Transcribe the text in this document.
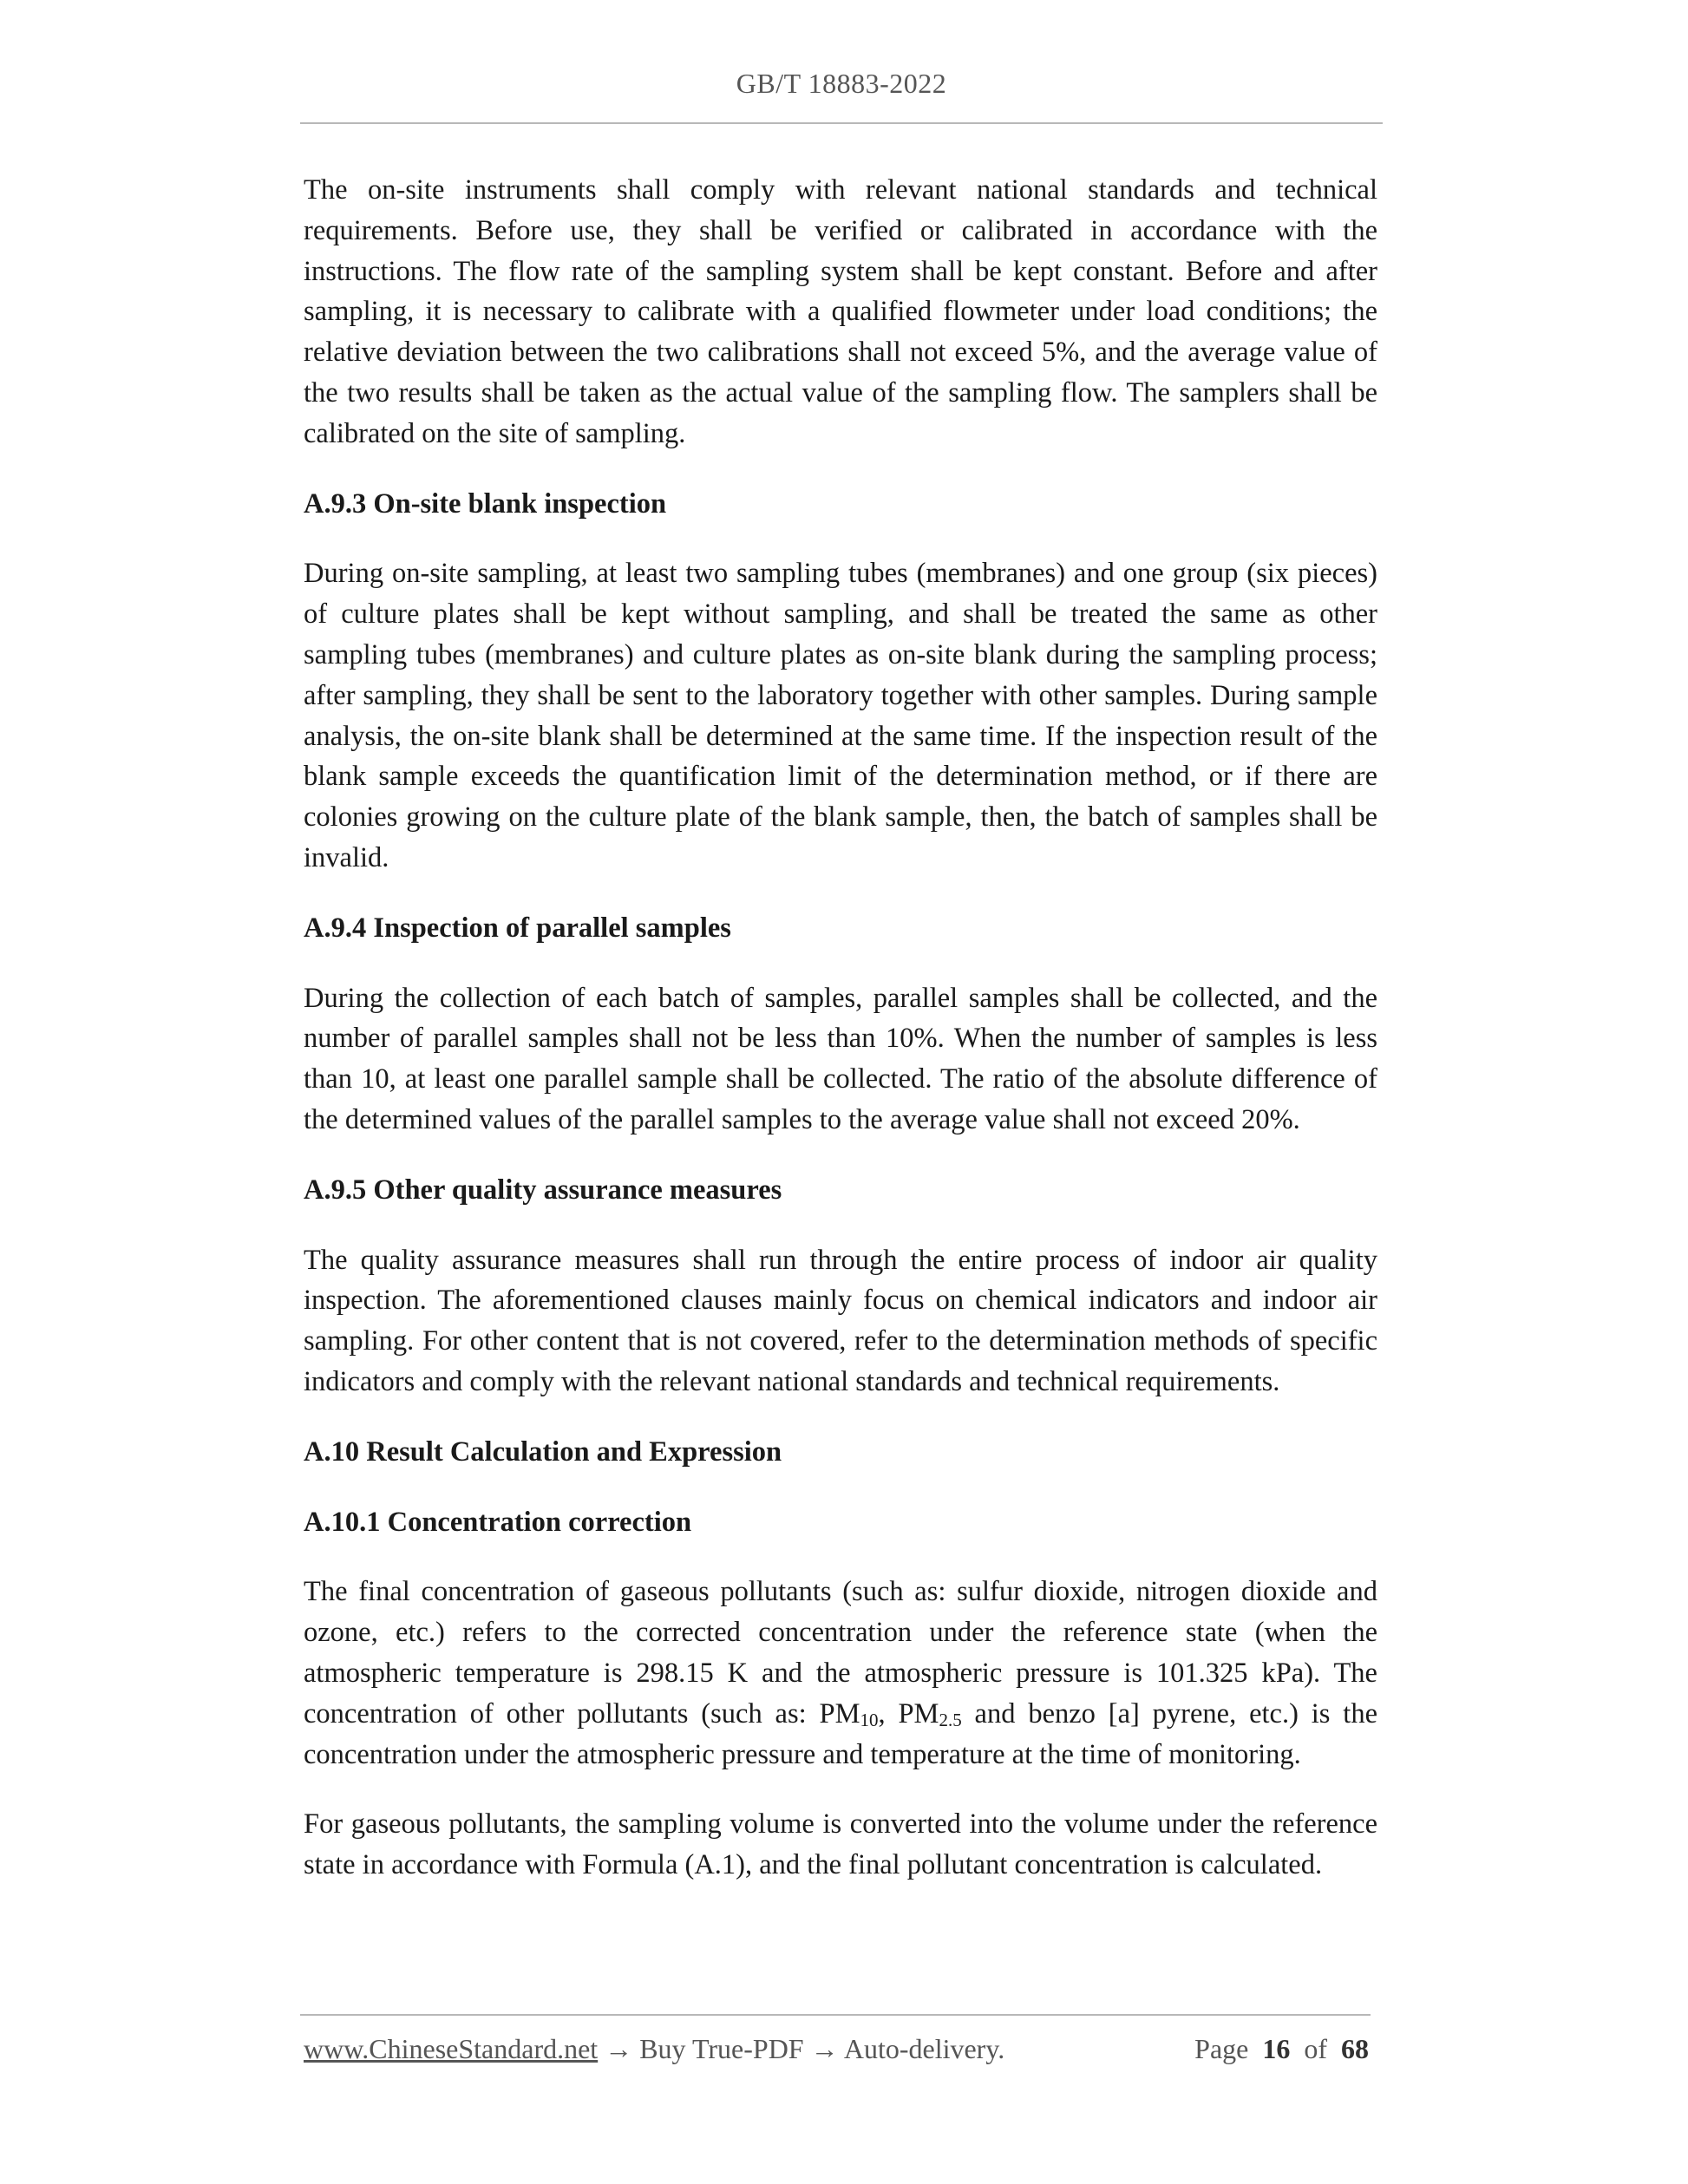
GB/T 18883-2022

The on-site instruments shall comply with relevant national standards and technical requirements. Before use, they shall be verified or calibrated in accordance with the instructions. The flow rate of the sampling system shall be kept constant. Before and after sampling, it is necessary to calibrate with a qualified flowmeter under load conditions; the relative deviation between the two calibrations shall not exceed 5%, and the average value of the two results shall be taken as the actual value of the sampling flow. The samplers shall be calibrated on the site of sampling.

A.9.3 On-site blank inspection

During on-site sampling, at least two sampling tubes (membranes) and one group (six pieces) of culture plates shall be kept without sampling, and shall be treated the same as other sampling tubes (membranes) and culture plates as on-site blank during the sampling process; after sampling, they shall be sent to the laboratory together with other samples. During sample analysis, the on-site blank shall be determined at the same time. If the inspection result of the blank sample exceeds the quantification limit of the determination method, or if there are colonies growing on the culture plate of the blank sample, then, the batch of samples shall be invalid.

A.9.4 Inspection of parallel samples

During the collection of each batch of samples, parallel samples shall be collected, and the number of parallel samples shall not be less than 10%. When the number of samples is less than 10, at least one parallel sample shall be collected. The ratio of the absolute difference of the determined values of the parallel samples to the average value shall not exceed 20%.

A.9.5 Other quality assurance measures

The quality assurance measures shall run through the entire process of indoor air quality inspection. The aforementioned clauses mainly focus on chemical indicators and indoor air sampling. For other content that is not covered, refer to the determination methods of specific indicators and comply with the relevant national standards and technical requirements.

A.10 Result Calculation and Expression
A.10.1 Concentration correction

The final concentration of gaseous pollutants (such as: sulfur dioxide, nitrogen dioxide and ozone, etc.) refers to the corrected concentration under the reference state (when the atmospheric temperature is 298.15 K and the atmospheric pressure is 101.325 kPa). The concentration of other pollutants (such as: $PM_{10}$, $PM_{2.5}$ and benzo [a] pyrene, etc.) is the concentration under the atmospheric pressure and temperature at the time of monitoring.

For gaseous pollutants, the sampling volume is converted into the volume under the reference state in accordance with Formula (A.1), and the final pollutant concentration is calculated.

www.ChineseStandard.net → Buy True-PDF → Auto-delivery.	Page 16 of 68
